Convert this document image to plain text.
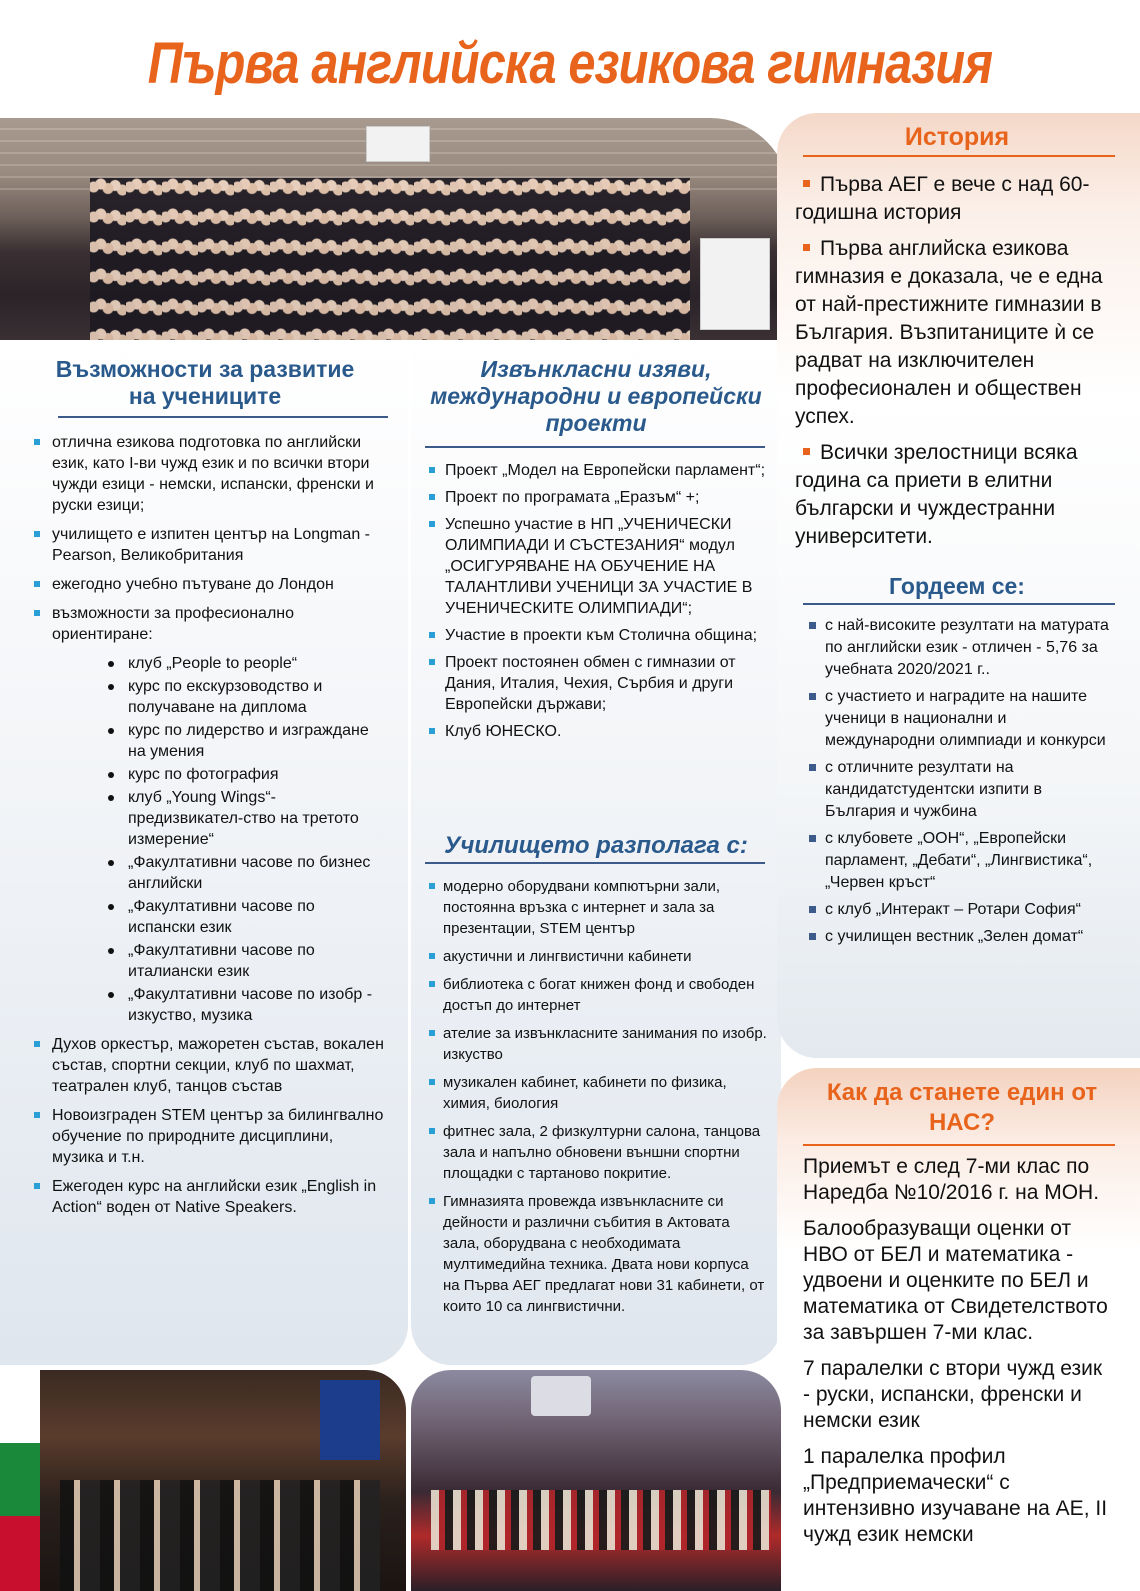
Първа английска езикова гимназия
Възможности за развитие на учениците
отлична езикова подготовка по английски език, като I-ви чужд език и по всички втори чужди езици - немски, испански, френски и руски езици;
училището е изпитен център на Longman - Pearson, Великобритания
ежегодно учебно пътуване до Лондон
възможности за професионално ориентиране:
клуб „People to people“
курс по екскурзоводство и получаване на диплома
курс по лидерство и изграждане на умения
курс по фотография
клуб „Young Wings“- предизвикател-ство на третото измерение“
„Факултативни часове по бизнес английски
„Факултативни часове по испански език
„Факултативни часове по италиански език
„Факултативни часове по изобр - изкуство, музика
Духов оркестър, мажоретен състав, вокален състав, спортни секции, клуб по шахмат, театрален клуб, танцов състав
Новоизграден STEM център за билингвално обучение по природните дисциплини, музика и т.н.
Ежегоден курс на английски език „English in Action“ воден от Native Speakers.
Извънкласни изяви, международни и европейски проекти
Проект „Модел на Европейски парламент“;
Проект по програмата „Еразъм“ +;
Успешно участие в НП „УЧЕНИЧЕСКИ ОЛИМПИАДИ И СЪСТЕЗАНИЯ“ модул „ОСИГУРЯВАНЕ НА ОБУЧЕНИЕ НА ТАЛАНТЛИВИ УЧЕНИЦИ ЗА УЧАСТИЕ В УЧЕНИЧЕСКИТЕ ОЛИМПИАДИ“;
Участие в проекти към Столична община;
Проект постоянен обмен с гимназии от Дания, Италия, Чехия, Сърбия и други Европейски държави;
Клуб ЮНЕСКО.
Училището разполага с:
модерно оборудвани компютърни зали, постоянна връзка с интернет и зала за презентации, STEM център
акустични и лингвистични кабинети
библиотека с богат книжен фонд и свободен достъп до интернет
ателие за извънкласните занимания по изобр. изкуство
музикален кабинет, кабинети по физика, химия, биология
фитнес зала, 2 физкултурни салона, танцова зала и напълно обновени външни спортни площадки с тартаново покритие.
Гимназията провежда извънкласните си дейности и различни събития в Актовата зала, оборудвана с необходимата мултимедийна техника. Двата нови корпуса на Първа АЕГ предлагат нови 31 кабинети, от които 10 са лингвистични.
История
Първа АЕГ е вече с над 60-годишна история
Първа английска езикова гимназия е доказала, че е една от най-престижните гимназии в България. Възпитаниците ѝ се радват на изключителен професионален и обществен успех.
Всички зрелостници всяка година са приети в елитни български и чуждестранни университети.
Гордеем се:
с най-високите резултати на матурата по английски език - отличен - 5,76 за учебната 2020/2021 г..
с участието и наградите на нашите ученици в национални и международни олимпиади и конкурси
с отличните резултати на кандидатстудентски изпити в България и чужбина
с клубовете „ООН“, „Европейски парламент, „Дебати“, „Лингвистика“, „Червен кръст“
с клуб „Интеракт – Ротари София“
с училищен вестник „Зелен домат“
Как да станете един от НАС?

Приемът е след 7-ми клас по Наредба №10/2016 г. на МОН.

Балообразуващи оценки от НВО от БЕЛ и математика - удвоени и оценките по БЕЛ и математика от Свидетелството за завършен 7-ми клас.

7 паралелки с втори чужд език - руски, испански, френски и немски език

1 паралелка профил „Предприемачески“ с интензивно изучаване на АЕ, II чужд език немски
